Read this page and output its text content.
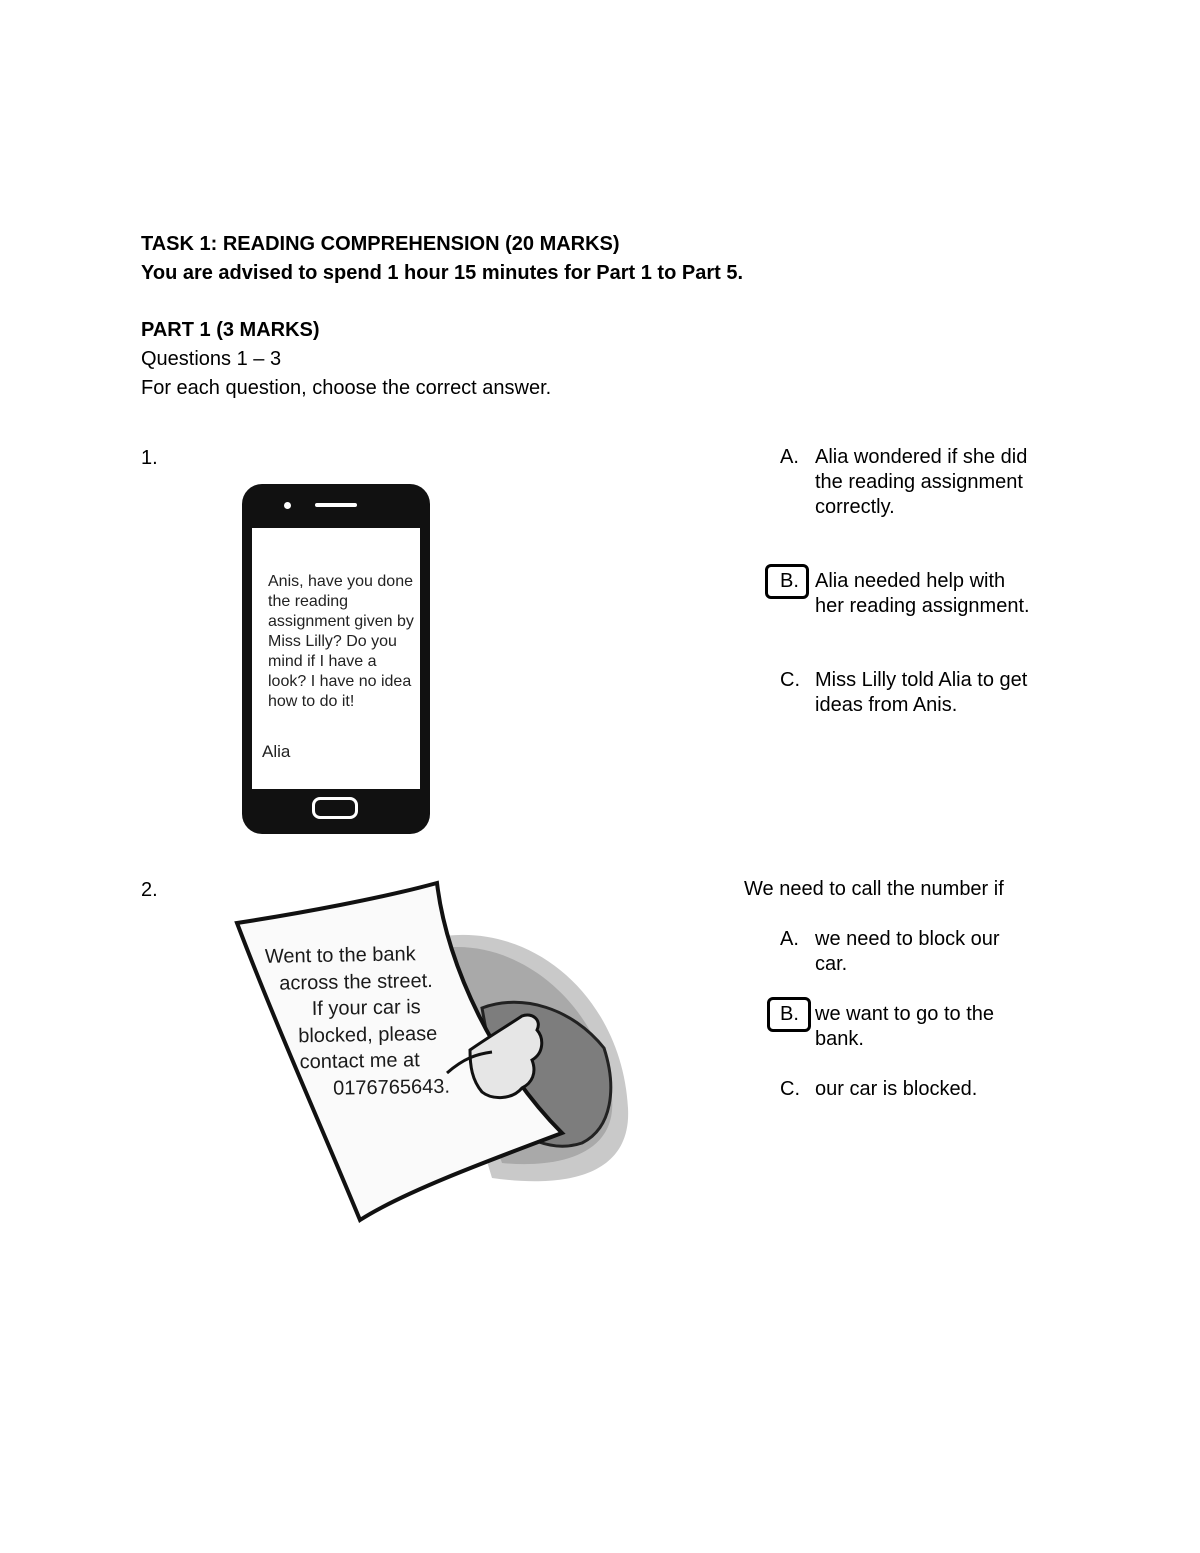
TASK 1: READING COMPREHENSION (20 MARKS)
You are advised to spend 1 hour 15 minutes for Part 1 to Part 5.
PART 1 (3 MARKS)
Questions 1 – 3
For each question, choose the correct answer.
1.
Anis, have you done the reading assignment given by Miss Lilly? Do you mind if I have a look? I have no idea how to do it!
Alia
A. Alia wondered if she did the reading assignment correctly.
B. Alia needed help with her reading assignment.
C. Miss Lilly told Alia to get ideas from Anis.
2.
Went to the bank
across the street.
If your car is
blocked, please
contact me at
0176765643.
We need to call the number if
A. we need to block our car.
B. we want to go to the bank.
C. our car is blocked.
